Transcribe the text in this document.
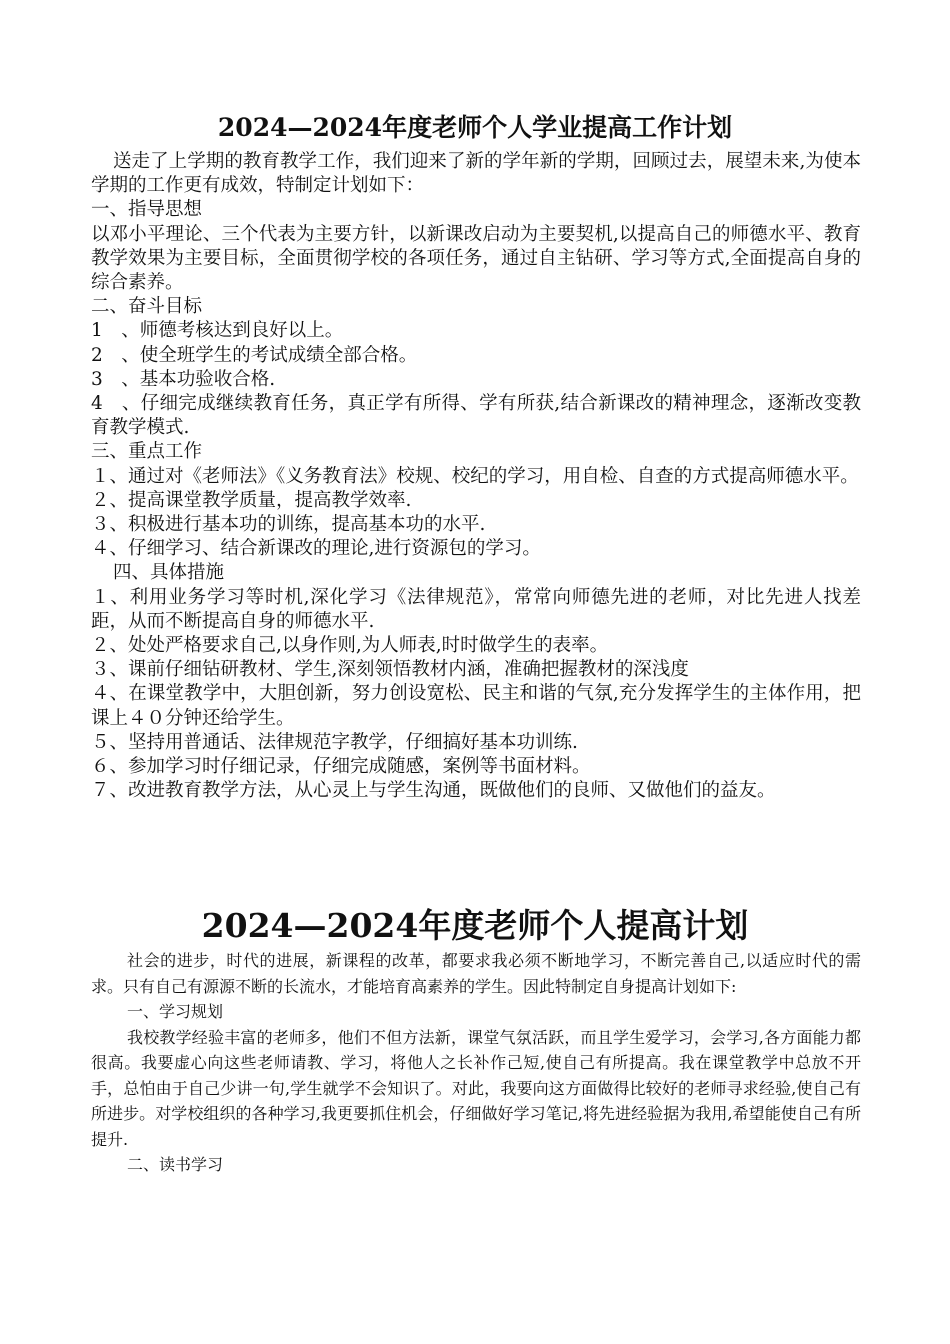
2024—2024年度老师个人学业提高工作计划

送走了上学期的教育教学工作，我们迎来了新的学年新的学期，回顾过去，展望未来,为使本学期的工作更有成效，特制定计划如下：

一、指导思想

以邓小平理论、三个代表为主要方针，以新课改启动为主要契机,以提高自己的师德水平、教育教学效果为主要目标，全面贯彻学校的各项任务，通过自主钻研、学习等方式,全面提高自身的综合素养。

二、奋斗目标

1　、师德考核达到良好以上。

2　、使全班学生的考试成绩全部合格。

3　、基本功验收合格.

4　、仔细完成继续教育任务，真正学有所得、学有所获,结合新课改的精神理念，逐渐改变教育教学模式.

三、重点工作

１、通过对《老师法》《义务教育法》校规、校纪的学习，用自检、自查的方式提高师德水平。

２、提高课堂教学质量，提高教学效率.

３、积极进行基本功的训练，提高基本功的水平.

４、仔细学习、结合新课改的理论,进行资源包的学习。

四、具体措施

１、利用业务学习等时机,深化学习《法律规范》，常常向师德先进的老师，对比先进人找差距，从而不断提高自身的师德水平.

２、处处严格要求自己,以身作则,为人师表,时时做学生的表率。

３、课前仔细钻研教材、学生,深刻领悟教材内涵，准确把握教材的深浅度

４、在课堂教学中，大胆创新，努力创设宽松、民主和谐的气氛,充分发挥学生的主体作用，把课上４０分钟还给学生。

５、坚持用普通话、法律规范字教学，仔细搞好基本功训练.

６、参加学习时仔细记录，仔细完成随感，案例等书面材料。

７、改进教育教学方法，从心灵上与学生沟通，既做他们的良师、又做他们的益友。

2024—2024年度老师个人提高计划

社会的进步，时代的进展，新课程的改革，都要求我必须不断地学习，不断完善自己,以适应时代的需求。只有自己有源源不断的长流水，才能培育高素养的学生。因此特制定自身提高计划如下:

一、学习规划

我校教学经验丰富的老师多，他们不但方法新，课堂气氛活跃，而且学生爱学习，会学习,各方面能力都很高。我要虚心向这些老师请教、学习，将他人之长补作己短,使自己有所提高。我在课堂教学中总放不开手，总怕由于自己少讲一句,学生就学不会知识了。对此，我要向这方面做得比较好的老师寻求经验,使自己有所进步。对学校组织的各种学习,我更要抓住机会，仔细做好学习笔记,将先进经验据为我用,希望能使自己有所提升.

二、读书学习
